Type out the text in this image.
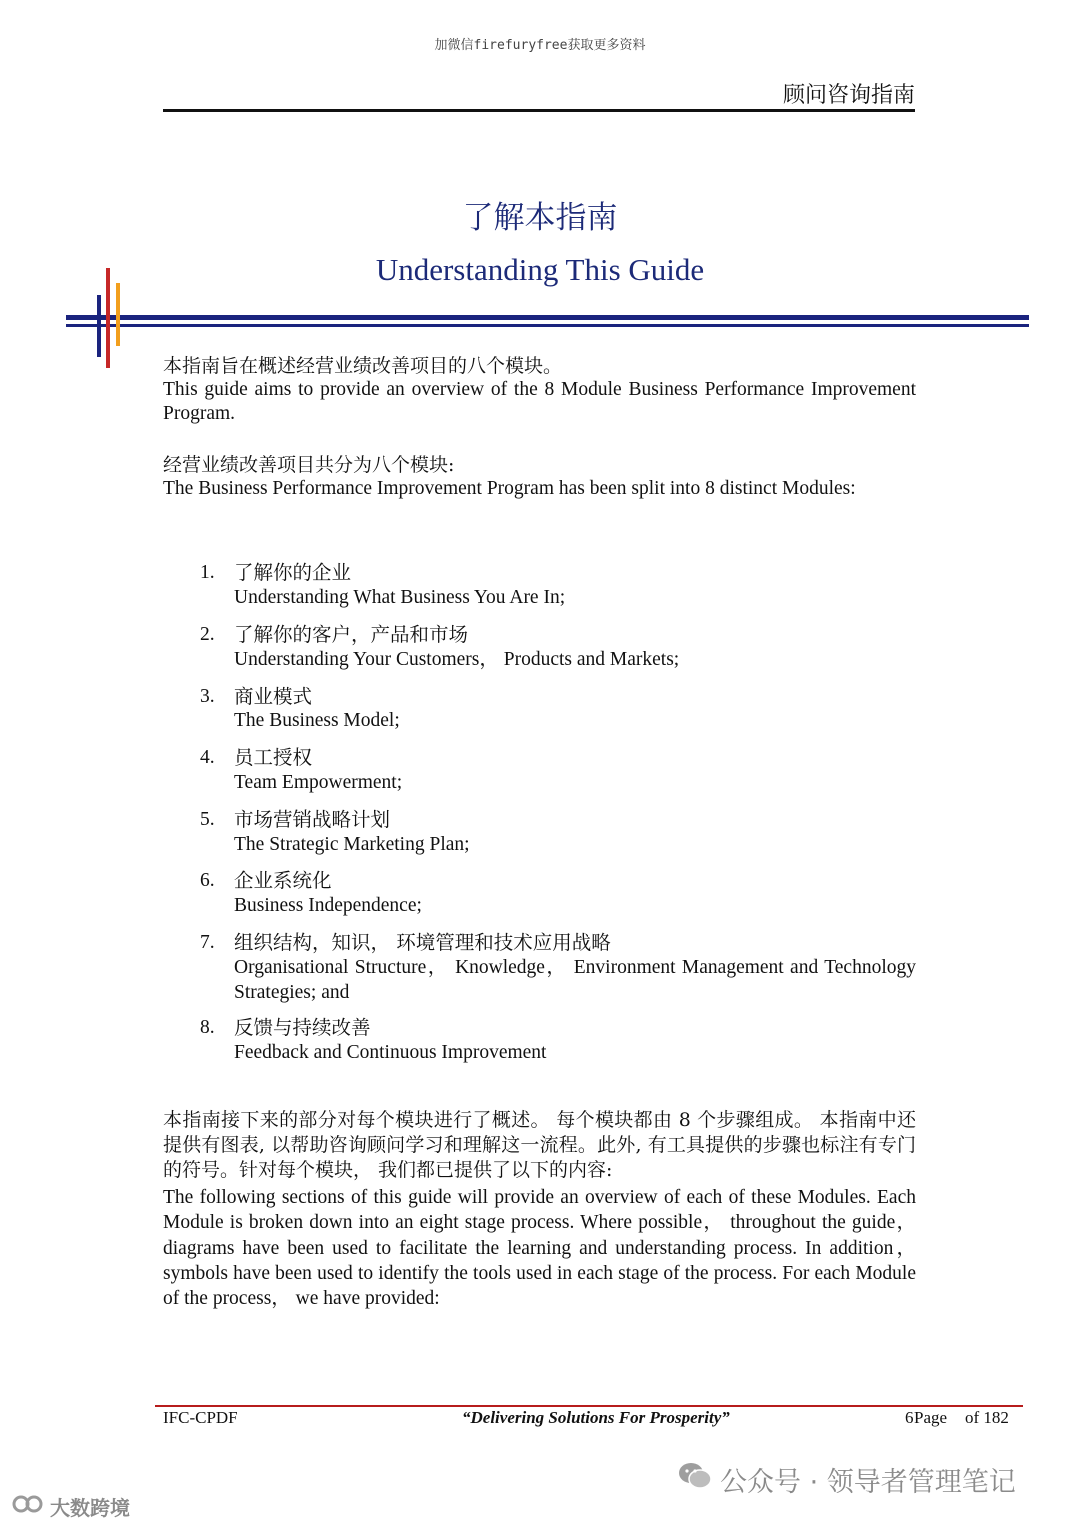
加微信firefuryfree获取更多资料
顾问咨询指南
了解本指南
Understanding This Guide
本指南旨在概述经营业绩改善项目的八个模块。
This guide aims to provide an overview of the 8 Module Business Performance Improvement Program.
经营业绩改善项目共分为八个模块:
The Business Performance Improvement Program has been split into 8 distinct Modules:
1. 了解你的企业
Understanding What Business You Are In;
2. 了解你的客户，产品和市场
Understanding Your Customers， Products and Markets;
3. 商业模式
The Business Model;
4. 员工授权
Team Empowerment;
5. 市场营销战略计划
The Strategic Marketing Plan;
6. 企业系统化
Business Independence;
7. 组织结构，知识， 环境管理和技术应用战略
Organisational Structure， Knowledge， Environment Management and Technology Strategies; and
8. 反馈与持续改善
Feedback and Continuous Improvement
本指南接下来的部分对每个模块进行了概述。 每个模块都由 8 个步骤组成。 本指南中还提供有图表, 以帮助咨询顾问学习和理解这一流程。此外, 有工具提供的步骤也标注有专门的符号。针对每个模块， 我们都已提供了以下的内容:
The following sections of this guide will provide an overview of each of these Modules. Each Module is broken down into an eight stage process. Where possible， throughout the guide， diagrams have been used to facilitate the learning and understanding process. In addition， symbols have been used to identify the tools used in each stage of the process. For each Module of the process， we have provided:
IFC-CPDF	“Delivering Solutions For Prosperity”	6 Page of 182
大数跨境
公众号 · 领导者管理笔记
